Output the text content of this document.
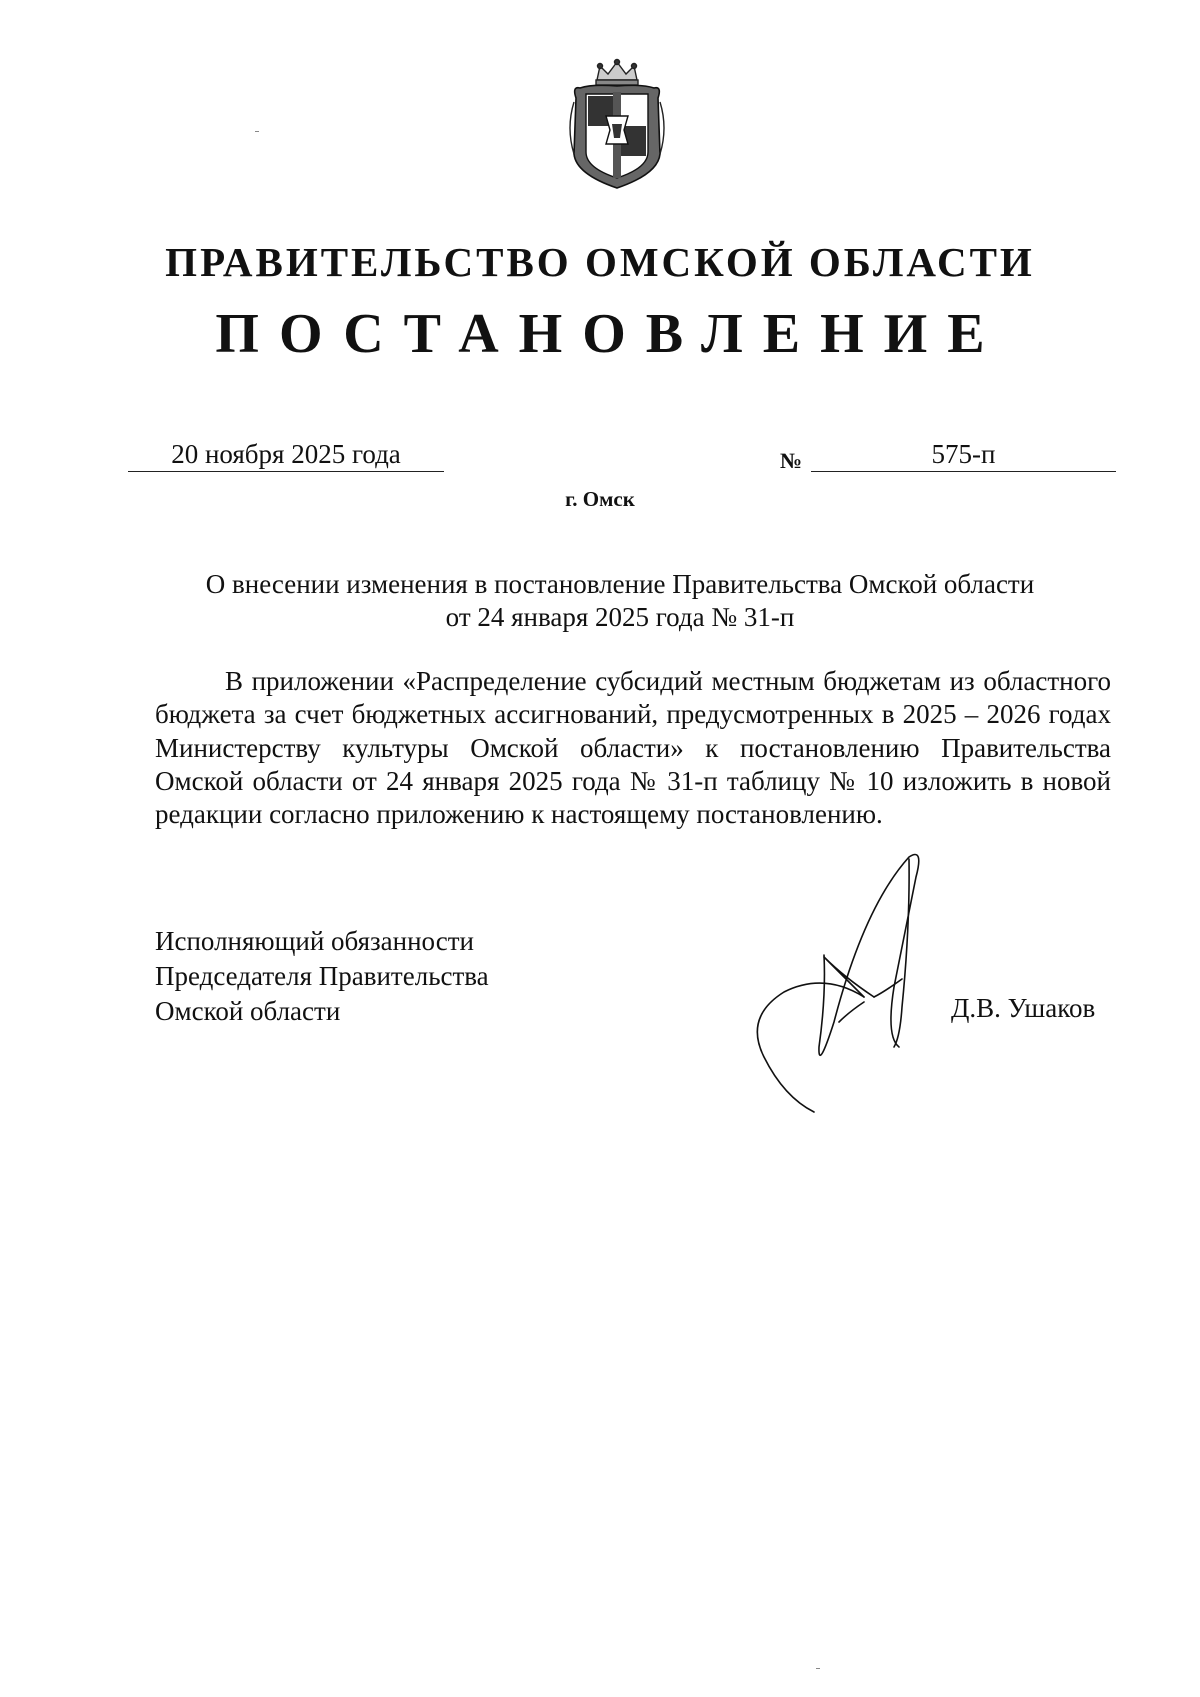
ПРАВИТЕЛЬСТВО ОМСКОЙ ОБЛАСТИ
ПОСТАНОВЛЕНИЕ
20 ноября 2025 года	№	575-п
г. Омск
О внесении изменения в постановление Правительства Омской области
от 24 января 2025 года № 31-п
В приложении «Распределение субсидий местным бюджетам из областного бюджета за счет бюджетных ассигнований, предусмотренных в 2025 – 2026 годах Министерству культуры Омской области» к постановлению Правительства Омской области от 24 января 2025 года № 31-п таблицу № 10 изложить в новой редакции согласно приложению к настоящему постановлению.
Исполняющий обязанности
Председателя Правительства
Омской области	Д.В. Ушаков
